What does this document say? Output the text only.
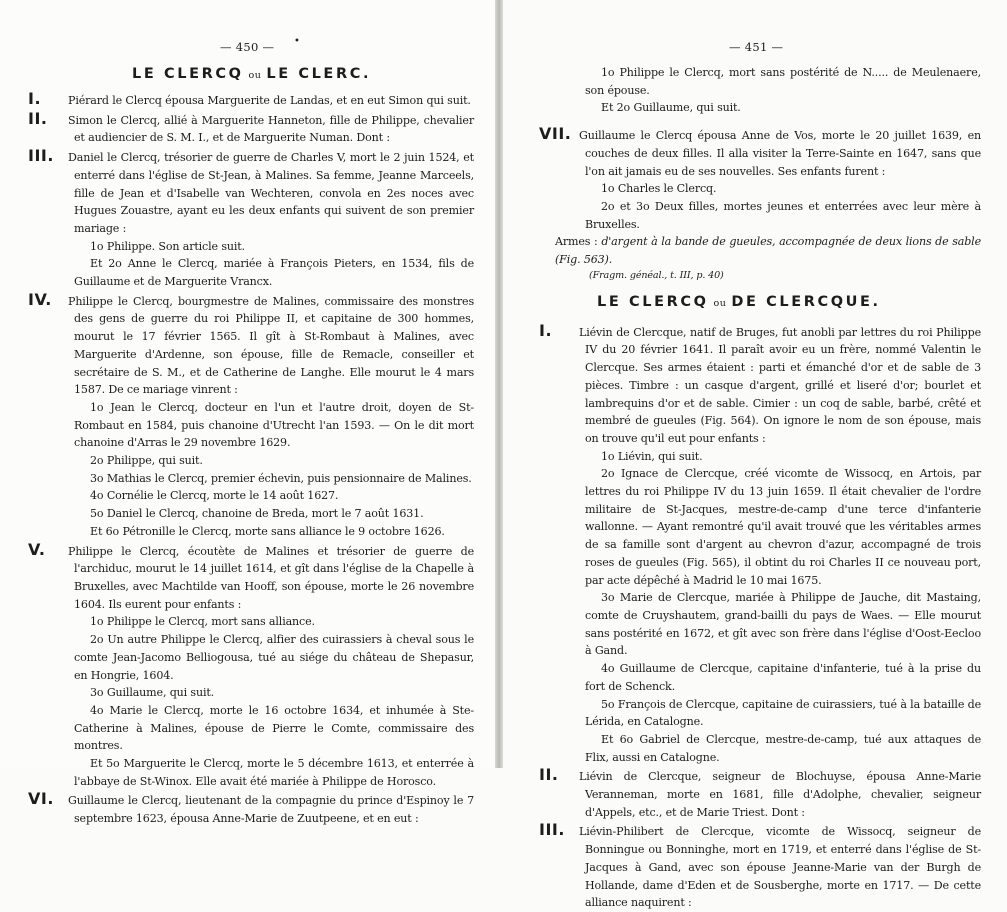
— 450 — •
LE CLERCQ ou LE CLERC.
I. Piérard le Clercq épousa Marguerite de Landas, et en eut Simon qui suit.
II. Simon le Clercq, allié à Marguerite Hanneton, fille de Philippe, chevalier et audiencier de S. M. I., et de Marguerite Numan. Dont :
III. Daniel le Clercq, trésorier de guerre de Charles V, mort le 2 juin 1524, et enterré dans l'église de St-Jean, à Malines. Sa femme, Jeanne Marceels, fille de Jean et d'Isabelle van Wechteren, convola en 2es noces avec Hugues Zouastre, ayant eu les deux enfants qui suivent de son premier mariage :
1o Philippe. Son article suit.
Et 2o Anne le Clercq, mariée à François Pieters, en 1534, fils de Guillaume et de Marguerite Vrancx.
IV. Philippe le Clercq, bourgmestre de Malines, commissaire des monstres des gens de guerre du roi Philippe II, et capitaine de 300 hommes, mourut le 17 février 1565. Il gît à St-Rombaut à Malines, avec Marguerite d'Ardenne, son épouse, fille de Remacle, conseiller et secrétaire de S. M., et de Catherine de Langhe. Elle mourut le 4 mars 1587. De ce mariage vinrent :
1o Jean le Clercq, docteur en l'un et l'autre droit, doyen de St-Rombaut en 1584, puis chanoine d'Utrecht l'an 1593. — On le dit mort chanoine d'Arras le 29 novembre 1629.
2o Philippe, qui suit.
3o Mathias le Clercq, premier échevin, puis pensionnaire de Malines.
4o Cornélie le Clercq, morte le 14 août 1627.
5o Daniel le Clercq, chanoine de Breda, mort le 7 août 1631.
Et 6o Pétronille le Clercq, morte sans alliance le 9 octobre 1626.
V. Philippe le Clercq, écoutète de Malines et trésorier de guerre de l'archiduc, mourut le 14 juillet 1614, et gît dans l'église de la Chapelle à Bruxelles, avec Machtilde van Hooff, son épouse, morte le 26 novembre 1604. Ils eurent pour enfants :
1o Philippe le Clercq, mort sans alliance.
2o Un autre Philippe le Clercq, alfier des cuirassiers à cheval sous le comte Jean-Jacomo Belliogousa, tué au siége du château de Shepasur, en Hongrie, 1604.
3o Guillaume, qui suit.
4o Marie le Clercq, morte le 16 octobre 1634, et inhumée à Ste-Catherine à Malines, épouse de Pierre le Comte, commissaire des montres.
Et 5o Marguerite le Clercq, morte le 5 décembre 1613, et enterrée à l'abbaye de St-Winox. Elle avait été mariée à Philippe de Horosco.
VI. Guillaume le Clercq, lieutenant de la compagnie du prince d'Espinoy le 7 septembre 1623, épousa Anne-Marie de Zuutpeene, et en eut :
— 451 —
1o Philippe le Clercq, mort sans postérité de N..... de Meulenaere, son épouse.
Et 2o Guillaume, qui suit.
VII. Guillaume le Clercq épousa Anne de Vos, morte le 20 juillet 1639, en couches de deux filles. Il alla visiter la Terre-Sainte en 1647, sans que l'on ait jamais eu de ses nouvelles. Ses enfants furent :
1o Charles le Clercq.
2o et 3o Deux filles, mortes jeunes et enterrées avec leur mère à Bruxelles.
Armes : d'argent à la bande de gueules, accompagnée de deux lions de sable (Fig. 563).
(Fragm. généal., t. III, p. 40)
LE CLERCQ ou DE CLERCQUE.
I. Liévin de Clercque, natif de Bruges, fut anobli par lettres du roi Philippe IV du 20 février 1641. Il paraît avoir eu un frère, nommé Valentin le Clercque. Ses armes étaient : parti et émanché d'or et de sable de 3 pièces. Timbre : un casque d'argent, grillé et liseré d'or; bourlet et lambrequins d'or et de sable. Cimier : un coq de sable, barbé, crêté et membré de gueules (Fig. 564). On ignore le nom de son épouse, mais on trouve qu'il eut pour enfants :
1o Liévin, qui suit.
2o Ignace de Clercque, créé vicomte de Wissocq, en Artois, par lettres du roi Philippe IV du 13 juin 1659. Il était chevalier de l'ordre militaire de St-Jacques, mestre-de-camp d'une terce d'infanterie wallonne. — Ayant remontré qu'il avait trouvé que les véritables armes de sa famille sont d'argent au chevron d'azur, accompagné de trois roses de gueules (Fig. 565), il obtint du roi Charles II ce nouveau port, par acte dépêché à Madrid le 10 mai 1675.
3o Marie de Clercque, mariée à Philippe de Jauche, dit Mastaing, comte de Cruyshautem, grand-bailli du pays de Waes. — Elle mourut sans postérité en 1672, et gît avec son frère dans l'église d'Oost-Eecloo à Gand.
4o Guillaume de Clercque, capitaine d'infanterie, tué à la prise du fort de Schenck.
5o François de Clercque, capitaine de cuirassiers, tué à la bataille de Lérida, en Catalogne.
Et 6o Gabriel de Clercque, mestre-de-camp, tué aux attaques de Flix, aussi en Catalogne.
II. Liévin de Clercque, seigneur de Blochuyse, épousa Anne-Marie Veranneman, morte en 1681, fille d'Adolphe, chevalier, seigneur d'Appels, etc., et de Marie Triest. Dont :
III. Liévin-Philibert de Clercque, vicomte de Wissocq, seigneur de Bonningue ou Bonninghe, mort en 1719, et enterré dans l'église de St-Jacques à Gand, avec son épouse Jeanne-Marie van der Burgh de Hollande, dame d'Eden et de Sousberghe, morte en 1717. — De cette alliance naquirent :
